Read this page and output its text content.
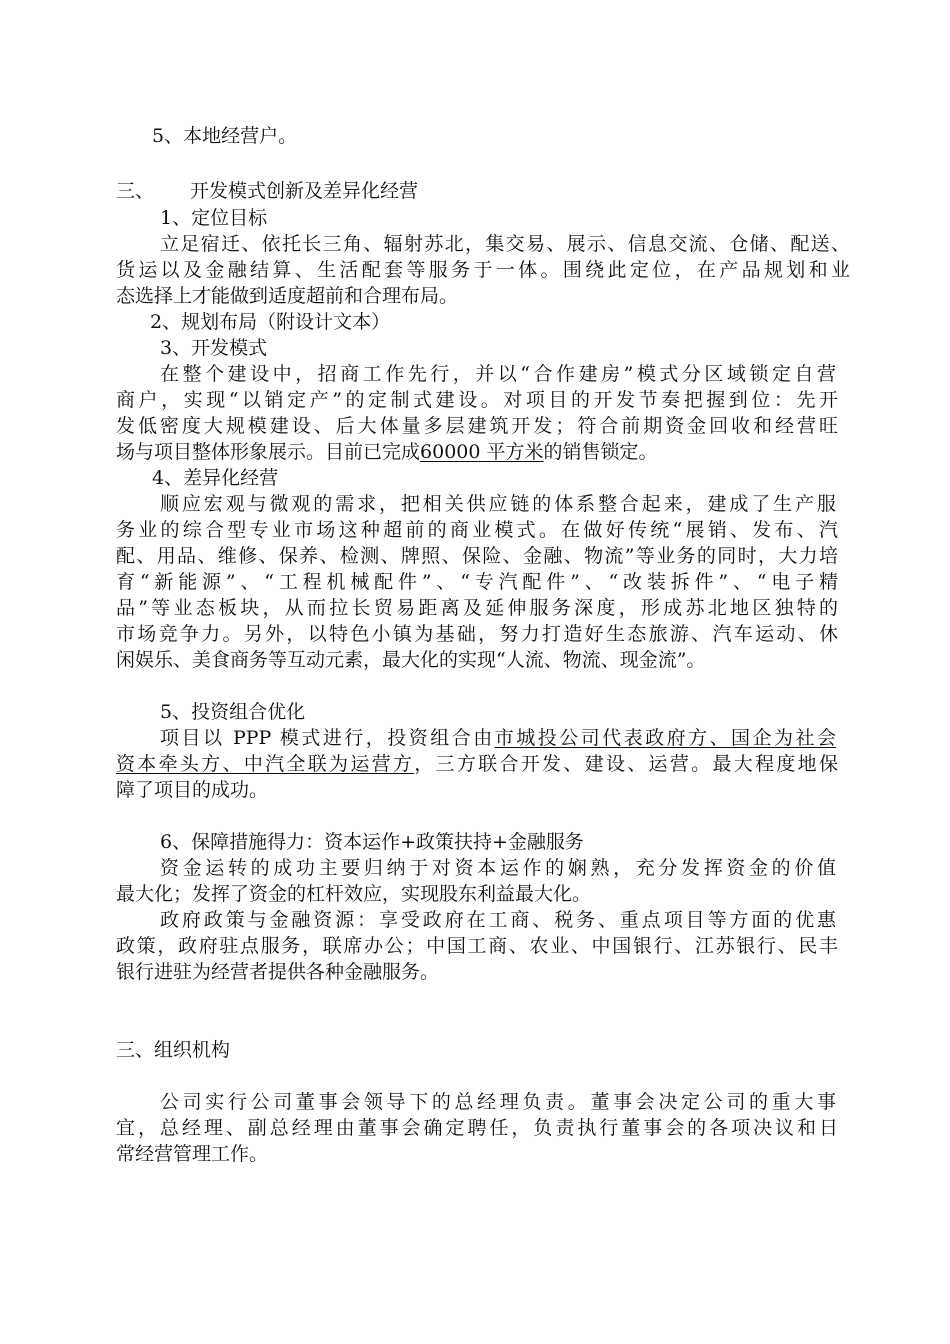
5、本地经营户。
三、 开发模式创新及差异化经营
1、定位目标
立足宿迁、依托长三角、辐射苏北，集交易、展示、信息交流、仓储、配送、
货运以及金融结算、生活配套等服务于一体。围绕此定位，在产品规划和业
态选择上才能做到适度超前和合理布局。
2、规划布局（附设计文本）
3、开发模式
在整个建设中，招商工作先行，并以“合作建房”模式分区域锁定自营
商户，实现“以销定产”的定制式建设。对项目的开发节奏把握到位：先开
发低密度大规模建设、后大体量多层建筑开发；符合前期资金回收和经营旺
场与项目整体形象展示。目前已完成60000 平方米的销售锁定。
4、差异化经营
顺应宏观与微观的需求，把相关供应链的体系整合起来，建成了生产服
务业的综合型专业市场这种超前的商业模式。在做好传统“展销、发布、汽
配、用品、维修、保养、检测、牌照、保险、金融、物流”等业务的同时，大力培
育“新能源”、“工程机械配件”、“专汽配件”、“改装拆件”、“电子精
品”等业态板块，从而拉长贸易距离及延伸服务深度，形成苏北地区独特的
市场竞争力。另外，以特色小镇为基础，努力打造好生态旅游、汽车运动、休
闲娱乐、美食商务等互动元素，最大化的实现“人流、物流、现金流”。
5、投资组合优化
项目以 PPP 模式进行，投资组合由市城投公司代表政府方、国企为社会
资本牵头方、中汽全联为运营方，三方联合开发、建设、运营。最大程度地保
障了项目的成功。
6、保障措施得力：资本运作+政策扶持+金融服务
资金运转的成功主要归纳于对资本运作的娴熟，充分发挥资金的价值
最大化；发挥了资金的杠杆效应，实现股东利益最大化。
政府政策与金融资源：享受政府在工商、税务、重点项目等方面的优惠
政策，政府驻点服务，联席办公；中国工商、农业、中国银行、江苏银行、民丰
银行进驻为经营者提供各种金融服务。
三、组织机构
公司实行公司董事会领导下的总经理负责。董事会决定公司的重大事
宜，总经理、副总经理由董事会确定聘任，负责执行董事会的各项决议和日
常经营管理工作。
